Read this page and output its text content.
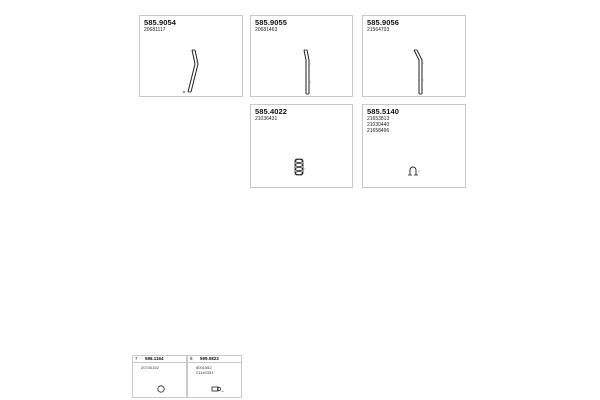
585.9054
20681117
585.9055
20681463
585.9056
21564703
585.4022
21036431
585.5140
21653813
21030440
21658496
7 598.1164
20740152
8 599.0823
8001552
21140331
